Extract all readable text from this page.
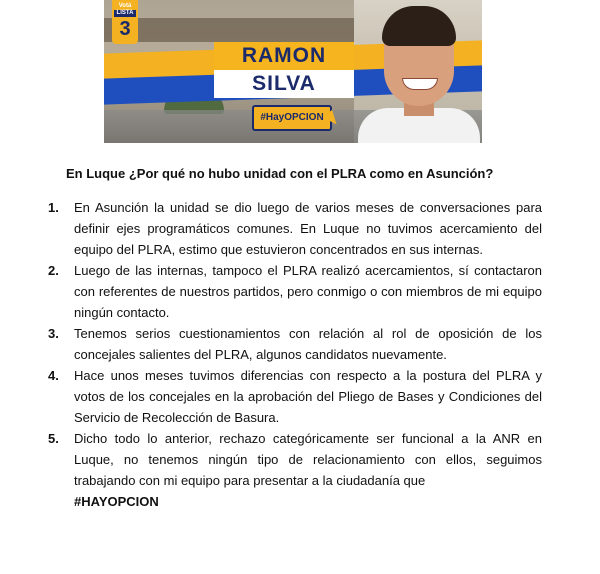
Votá
LISTA
3
RAMON
SILVA
#HayOPCION
En Luque ¿Por qué no hubo unidad con el PLRA como en Asunción?
1. En Asunción la unidad se dio luego de varios meses de conversaciones para definir ejes programáticos comunes. En Luque no tuvimos acercamiento del equipo del PLRA, estimo que estuvieron concentrados en sus internas.
2. Luego de las internas, tampoco el PLRA realizó acercamientos, sí contactaron con referentes de nuestros partidos, pero conmigo o con miembros de mi equipo ningún contacto.
3. Tenemos serios cuestionamientos con relación al rol de oposición de los concejales salientes del PLRA, algunos candidatos nuevamente.
4. Hace unos meses tuvimos diferencias con respecto a la postura del PLRA y votos de los concejales en la aprobación del Pliego de Bases y Condiciones del Servicio de Recolección de Basura.
5. Dicho todo lo anterior, rechazo categóricamente ser funcional a la ANR en Luque, no tenemos ningún tipo de relacionamiento con ellos, seguimos trabajando con mi equipo para presentar a la ciudadanía que
#HAYOPCION
